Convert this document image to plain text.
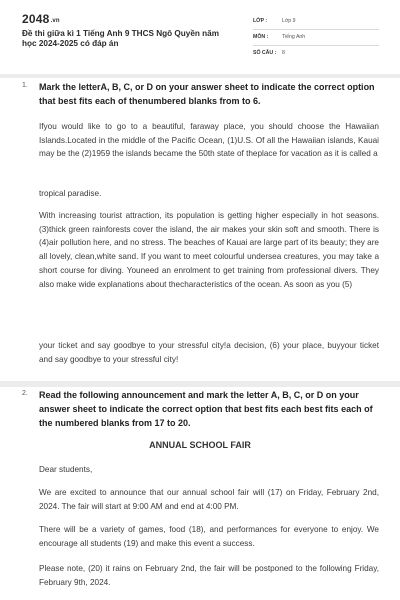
2048.vn
Đề thi giữa kì 1 Tiếng Anh 9 THCS Ngô Quyền năm học 2024-2025 có đáp án
LỚP :	Lớp 9
MÔN :	Tiếng Anh
SỐ CÂU : 8
1. Mark the letterA, B, C, or D on your answer sheet to indicate the correct option that best fits each of thenumbered blanks from to 6.
Ifyou would like to go to a beautiful, faraway place, you should choose the Hawaiian Islands.Located in the middle of the Pacific Ocean, (1)U.S. Of all the Hawaiian islands, Kauai may be the (2)1959 the islands became the 50th state of theplace for vacation as it is called a
tropical paradise.
With increasing tourist attraction, its population is getting higher especially in hot seasons. (3)thick green rainforests cover the island, the air makes your skin soft and smooth. There is (4)air pollution here, and no stress. The beaches of Kauai are large part of its beauty; they are all lovely, clean,white sand. If you want to meet colourful undersea creatures, you may take a short course for diving. Youneed an enrolment to get training from professional divers. They also make wide explanations about thecharacteristics of the ocean. As soon as you (5)
your ticket and say goodbye to your stressful city!a decision, (6) your place, buyyour ticket and say goodbye to your stressful city!
2. Read the following announcement and mark the letter A, B, C, or D on your answer sheet to indicate the correct option that best fits each best fits each of the numbered blanks from 17 to 20.
ANNUAL SCHOOL FAIR
Dear students,
We are excited to announce that our annual school fair will (17) on Friday, February 2nd, 2024. The fair will start at 9:00 AM and end at 4:00 PM.
There will be a variety of games, food (18), and performances for everyone to enjoy. We encourage all students (19) and make this event a success.
Please note, (20) it rains on February 2nd, the fair will be postponed to the following Friday, February 9th, 2024.
